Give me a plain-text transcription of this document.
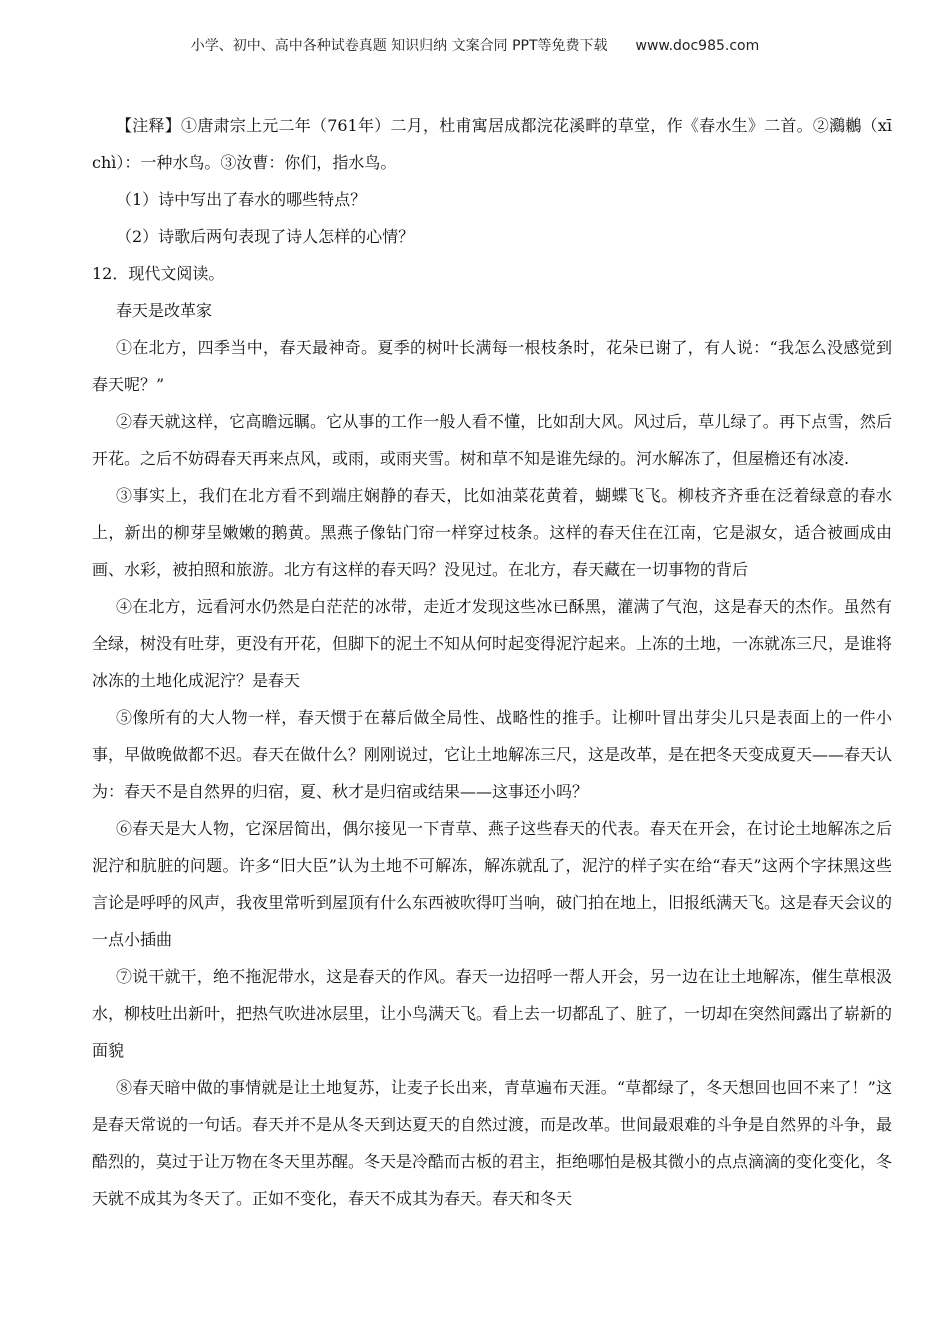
小学、初中、高中各种试卷真题 知识归纳 文案合同 PPT等免费下载 www.doc985.com

【注释】①唐肃宗上元二年（761年）二月，杜甫寓居成都浣花溪畔的草堂，作《春水生》二首。②鸂鶒（xī chì）：一种水鸟。③汝曹：你们，指水鸟。

（1）诗中写出了春水的哪些特点？

（2）诗歌后两句表现了诗人怎样的心情？

12．现代文阅读。

春天是改革家

①在北方，四季当中，春天最神奇。夏季的树叶长满每一根枝条时，花朵已谢了，有人说：“我怎么没感觉到春天呢？”

②春天就这样，它高瞻远瞩。它从事的工作一般人看不懂，比如刮大风。风过后，草儿绿了。再下点雪，然后开花。之后不妨碍春天再来点风，或雨，或雨夹雪。树和草不知是谁先绿的。河水解冻了，但屋檐还有冰凌.

③事实上，我们在北方看不到端庄娴静的春天，比如油菜花黄着，蝴蝶飞飞。柳枝齐齐垂在泛着绿意的春水上，新出的柳芽呈嫩嫩的鹅黄。黑燕子像钻门帘一样穿过枝条。这样的春天住在江南，它是淑女，适合被画成由画、水彩，被拍照和旅游。北方有这样的春天吗？没见过。在北方，春天藏在一切事物的背后

④在北方，远看河水仍然是白茫茫的冰带，走近才发现这些冰已酥黑，灌满了气泡，这是春天的杰作。虽然有全绿，树没有吐芽，更没有开花，但脚下的泥土不知从何时起变得泥泞起来。上冻的土地，一冻就冻三尺，是谁将冰冻的土地化成泥泞？是春天

⑤像所有的大人物一样，春天惯于在幕后做全局性、战略性的推手。让柳叶冒出芽尖儿只是表面上的一件小事，早做晚做都不迟。春天在做什么？刚刚说过，它让土地解冻三尺，这是改革，是在把冬天变成夏天——春天认为：春天不是自然界的归宿，夏、秋才是归宿或结果——这事还小吗？

⑥春天是大人物，它深居简出，偶尔接见一下青草、燕子这些春天的代表。春天在开会，在讨论土地解冻之后泥泞和肮脏的问题。许多“旧大臣”认为土地不可解冻，解冻就乱了，泥泞的样子实在给“春天”这两个字抹黑这些言论是呼呼的风声，我夜里常听到屋顶有什么东西被吹得叮当响，破门拍在地上，旧报纸满天飞。这是春天会议的一点小插曲

⑦说干就干，绝不拖泥带水，这是春天的作风。春天一边招呼一帮人开会，另一边在让土地解冻，催生草根汲水，柳枝吐出新叶，把热气吹进冰层里，让小鸟满天飞。看上去一切都乱了、脏了，一切却在突然间露出了崭新的面貌

⑧春天暗中做的事情就是让土地复苏，让麦子长出来，青草遍布天涯。“草都绿了，冬天想回也回不来了！”这是春天常说的一句话。春天并不是从冬天到达夏天的自然过渡，而是改革。世间最艰难的斗争是自然界的斗争，最酷烈的，莫过于让万物在冬天里苏醒。冬天是冷酷而古板的君主，拒绝哪怕是极其微小的点点滴滴的变化变化，冬天就不成其为冬天了。正如不变化，春天不成其为春天。春天和冬天
